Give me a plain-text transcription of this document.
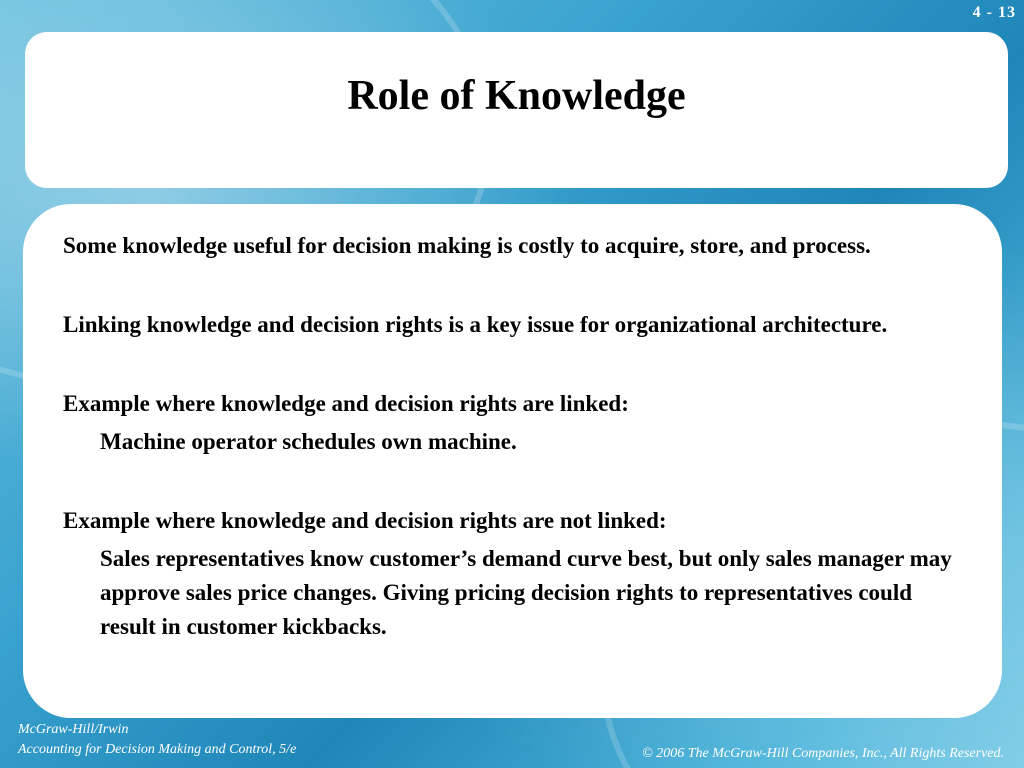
4 - 13
Role of Knowledge

Some knowledge useful for decision making is costly to acquire, store, and process.

Linking knowledge and decision rights is a key issue for organizational architecture.

Example where knowledge and decision rights are linked:

Machine operator schedules own machine.

Example where knowledge and decision rights are not linked:

Sales representatives know customer’s demand curve best, but only sales manager may approve sales price changes. Giving pricing decision rights to representatives could result in customer kickbacks.

McGraw-Hill/Irwin
Accounting for Decision Making and Control, 5/e	© 2006 The McGraw-Hill Companies, Inc., All Rights Reserved.
